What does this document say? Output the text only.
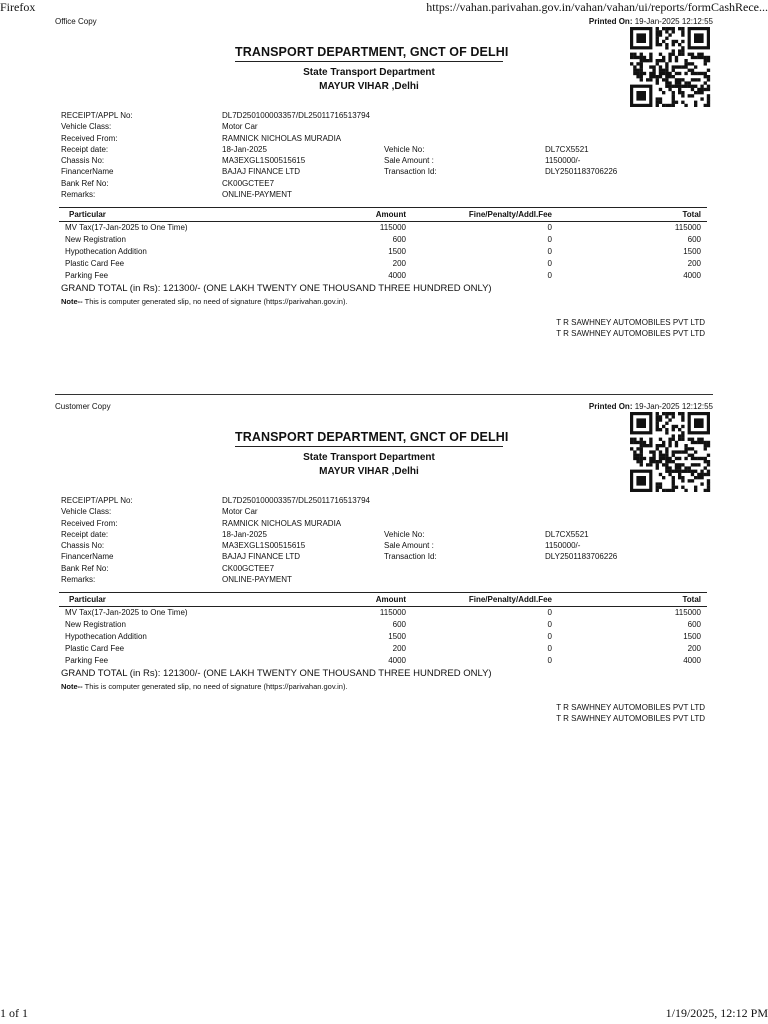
Firefox	https://vahan.parivahan.gov.in/vahan/vahan/ui/reports/formCashRece...
Office Copy	Printed On: 19-Jan-2025 12:12:55
TRANSPORT DEPARTMENT, GNCT OF DELHI
State Transport Department
MAYUR VIHAR ,Delhi
RECEIPT/APPL No:	DL7D250100003357/DL25011716513794
Vehicle Class:	Motor Car
Received From:	RAMNICK NICHOLAS MURADIA
Receipt date:	18-Jan-2025	Vehicle No:	DL7CX5521
Chassis No:	MA3EXGL1S00515615	Sale Amount :	1150000/-
FinancerName	BAJAJ FINANCE LTD	Transaction Id:	DLY2501183706226
Bank Ref No:	CK00GCTEE7
Remarks:	ONLINE-PAYMENT
Particular	Amount	Fine/Penalty/Addl.Fee	Total
MV Tax(17-Jan-2025 to One Time)	115000	0	115000
New Registration	600	0	600
Hypothecation Addition	1500	0	1500
Plastic Card Fee	200	0	200
Parking Fee	4000	0	4000
GRAND TOTAL (in Rs): 121300/- (ONE LAKH TWENTY ONE THOUSAND THREE HUNDRED ONLY)
Note-- This is computer generated slip, no need of signature (https://parivahan.gov.in).
T R SAWHNEY AUTOMOBILES PVT LTD
T R SAWHNEY AUTOMOBILES PVT LTD
Customer Copy	Printed On: 19-Jan-2025 12:12:55
TRANSPORT DEPARTMENT, GNCT OF DELHI
State Transport Department
MAYUR VIHAR ,Delhi
RECEIPT/APPL No:	DL7D250100003357/DL25011716513794
Vehicle Class:	Motor Car
Received From:	RAMNICK NICHOLAS MURADIA
Receipt date:	18-Jan-2025	Vehicle No:	DL7CX5521
Chassis No:	MA3EXGL1S00515615	Sale Amount :	1150000/-
FinancerName	BAJAJ FINANCE LTD	Transaction Id:	DLY2501183706226
Bank Ref No:	CK00GCTEE7
Remarks:	ONLINE-PAYMENT
Particular	Amount	Fine/Penalty/Addl.Fee	Total
MV Tax(17-Jan-2025 to One Time)	115000	0	115000
New Registration	600	0	600
Hypothecation Addition	1500	0	1500
Plastic Card Fee	200	0	200
Parking Fee	4000	0	4000
GRAND TOTAL (in Rs): 121300/- (ONE LAKH TWENTY ONE THOUSAND THREE HUNDRED ONLY)
Note-- This is computer generated slip, no need of signature (https://parivahan.gov.in).
T R SAWHNEY AUTOMOBILES PVT LTD
T R SAWHNEY AUTOMOBILES PVT LTD
1 of 1	1/19/2025, 12:12 PM
